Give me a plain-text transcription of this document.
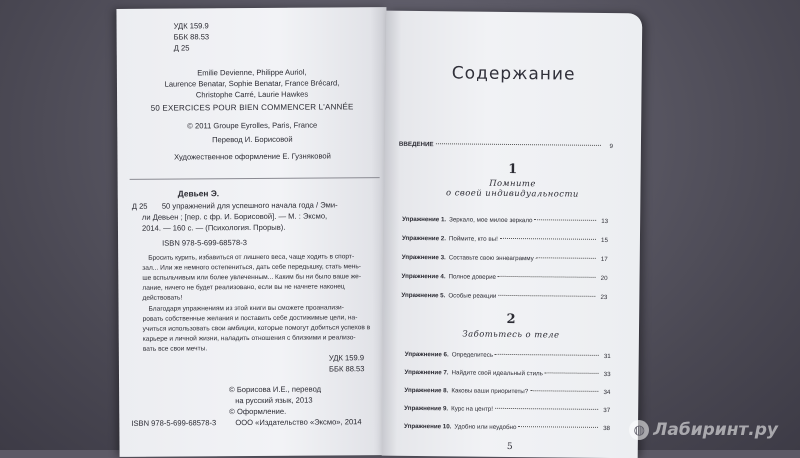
УДК 159.9
ББК 88.53
Д 25
Emilie Devienne, Philippe Auriol,
Laurence Benatar, Sophie Benatar, France Brécard,
Christophe Carré, Laurie Hawkes
50 EXERCICES POUR BIEN COMMENCER L'ANNÉE
© 2011 Groupe Eyrolles, Paris, France
Перевод И. Борисовой
Художественное оформление Е. Гузняковой
Девьен Э.
Д 25 50 упражнений для успешного начала года / Эми-
ли Девьен ; [пер. с фр. И. Борисовой]. — М. : Эксмо,
2014. — 160 с. — (Психология. Прорыв).
ISBN 978-5-699-68578-3
Бросить курить, избавиться от лишнего веса, чаще ходить в спорт-
зал... Или же немного остепениться, дать себе передышку, стать мень-
ше вспыльчивым или более увлеченным... Каким бы ни было ваше же-
лание, ничего не будет реализовано, если вы не начнете наконец
действовать!
Благодаря упражнениям из этой книги вы сможете проанализи-
ровать собственные желания и поставить себе достижимые цели, на-
учиться использовать свои амбиции, которые помогут добиться успехов в
карьере и личной жизни, наладить отношения с близкими и реализо-
вать все свои мечты.
УДК 159.9
ББК 88.53
© Борисова И.Е., перевод
на русский язык, 2013
© Оформление.
ООО «Издательство «Эксмо», 2014
ISBN 978-5-699-68578-3
Содержание
ВВЕДЕНИЕ	9
1
Помните
о своей индивидуальности
Упражнение 1. Зеркало, мое милое зеркало	13
Упражнение 2. Поймите, кто вы!	15
Упражнение 3. Составьте свою эннеаграмму	17
Упражнение 4. Полное доверие	20
Упражнение 5. Особые реакции	23
2
Заботьтесь о теле
Упражнение 6. Определитесь	31
Упражнение 7. Найдите свой идеальный стиль	33
Упражнение 8. Каковы ваши приоритеты?	34
Упражнение 9. Курс на центр!	37
Упражнение 10. Удобно или неудобно	38
5
◍ Лабиринт.ру
